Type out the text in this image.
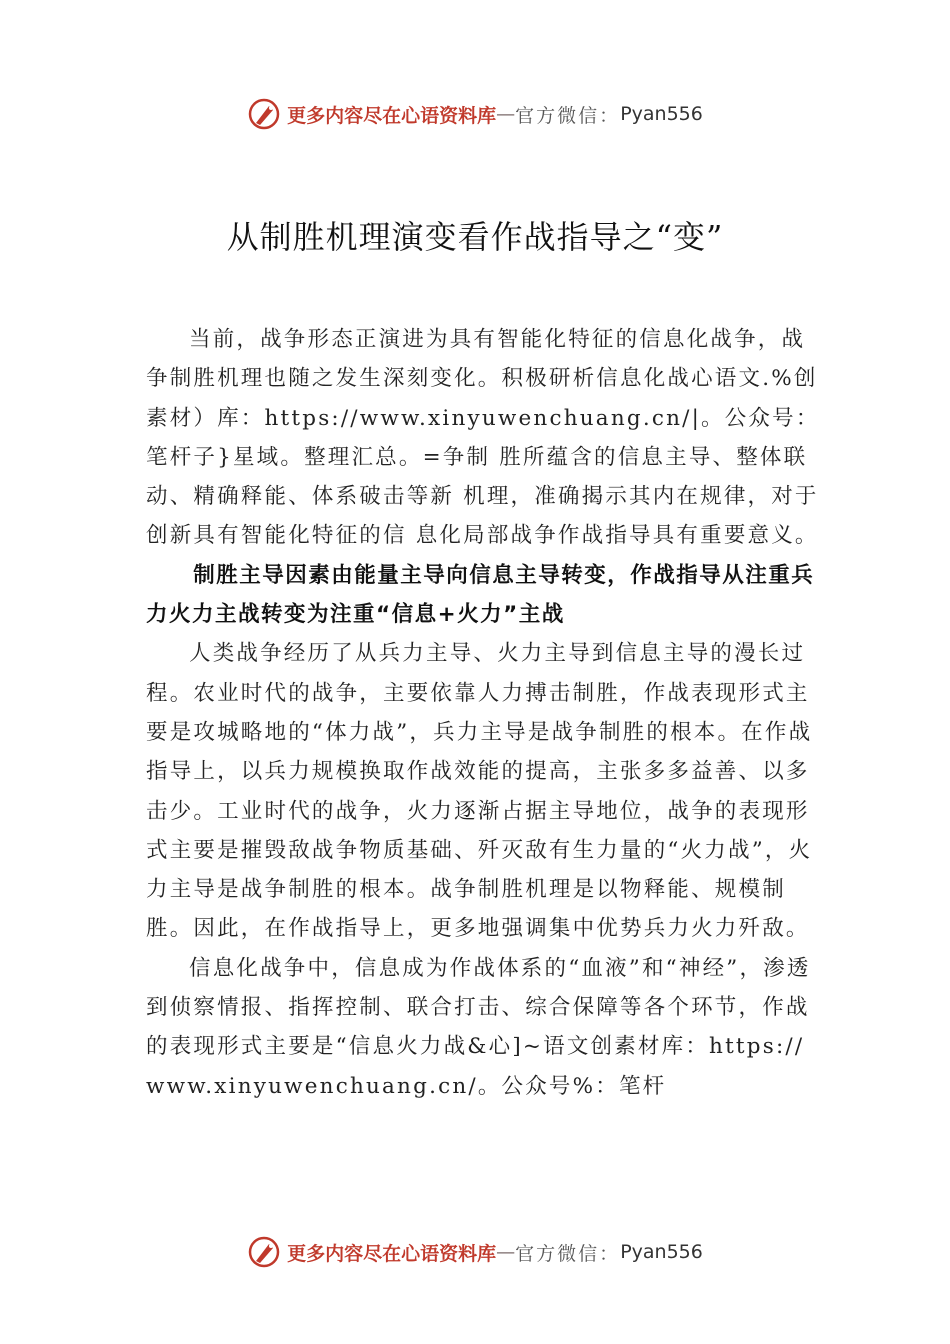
更多内容尽在心语资料库 — 官方微信： Pyan556
从制胜机理演变看作战指导之“变”

当前，战争形态正演进为具有智能化特征的信息化战争，战争制胜机理也随之发生深刻变化。积极研析信息化战心语文.%创素材）库：https://www.xinyuwenchuang.cn/|。公众号：笔杆子}星域。整理汇总。=争制 胜所蕴含的信息主导、整体联动、精确释能、体系破击等新 机理，准确揭示其内在规律，对于创新具有智能化特征的信 息化局部战争作战指导具有重要意义。

制胜主导因素由能量主导向信息主导转变，作战指导从注重兵力火力主战转变为注重“信息+火力”主战

人类战争经历了从兵力主导、火力主导到信息主导的漫长过程。农业时代的战争，主要依靠人力搏击制胜，作战表现形式主要是攻城略地的“体力战”，兵力主导是战争制胜的根本。在作战指导上，以兵力规模换取作战效能的提高，主张多多益善、以多击少。工业时代的战争，火力逐渐占据主导地位，战争的表现形式主要是摧毁敌战争物质基础、歼灭敌有生力量的“火力战”，火力主导是战争制胜的根本。战争制胜机理是以物释能、规模制胜。因此，在作战指导上，更多地强调集中优势兵力火力歼敌。

信息化战争中，信息成为作战体系的“血液”和“神经”，渗透到侦察情报、指挥控制、联合打击、综合保障等各个环节，作战的表现形式主要是“信息火力战&心]~语文创素材库：https://www.xinyuwenchuang.cn/。公众号%：笔杆

更多内容尽在心语资料库 — 官方微信： Pyan556
